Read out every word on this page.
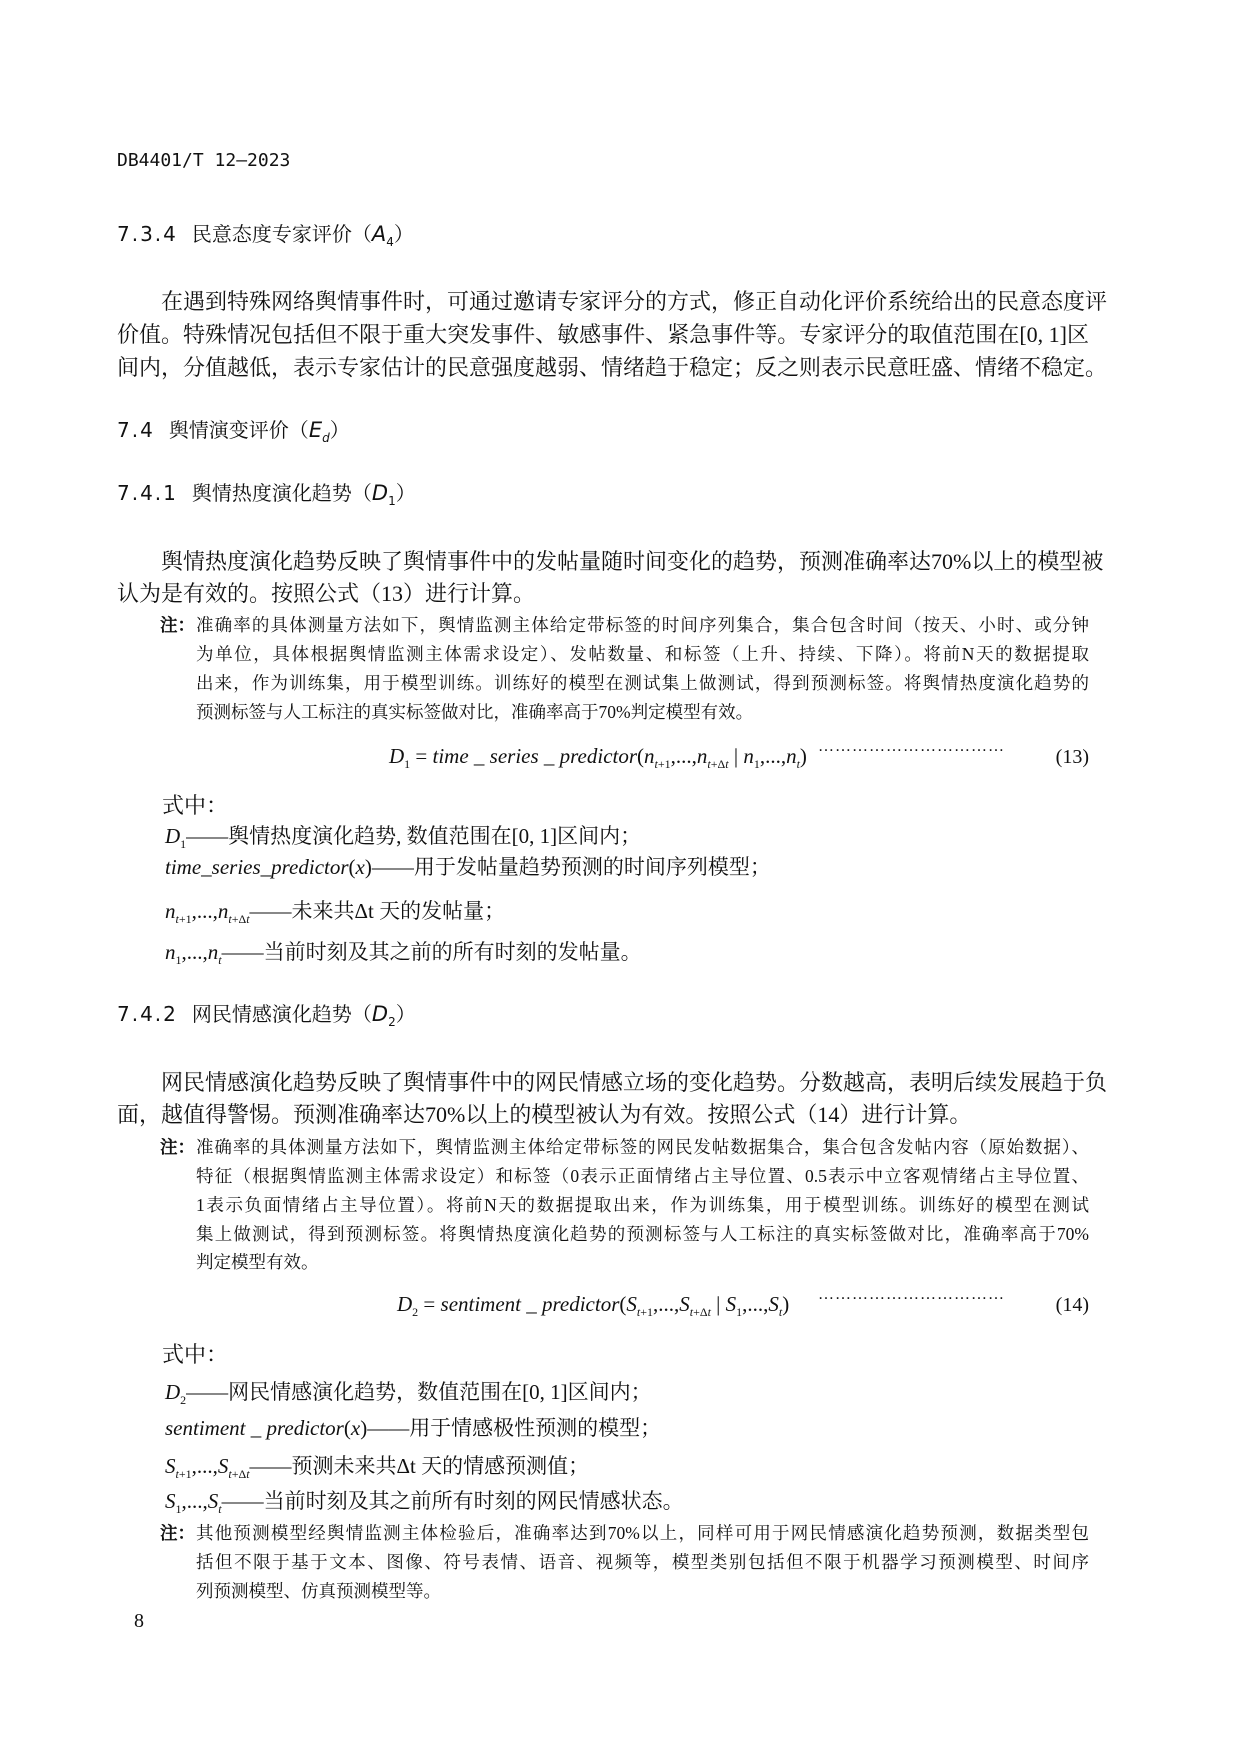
DB4401/T 12—2023
7.3.4 民意态度专家评价$(A_4)$
在遇到特殊网络舆情事件时，可通过邀请专家评分的方式，修正自动化评价系统给出的民意态度评
价值。特殊情况包括但不限于重大突发事件、敏感事件、紧急事件等。专家评分的取值范围在[0, 1]区
间内，分值越低，表示专家估计的民意强度越弱、情绪趋于稳定；反之则表示民意旺盛、情绪不稳定。
7.4 舆情演变评价$(E_d)$
7.4.1 舆情热度演化趋势$(D_1)$
舆情热度演化趋势反映了舆情事件中的发帖量随时间变化的趋势，预测准确率达70%以上的模型被
认为是有效的。按照公式（13）进行计算。
注： 准确率的具体测量方法如下，舆情监测主体给定带标签的时间序列集合，集合包含时间（按天、小时、或分钟
为单位，具体根据舆情监测主体需求设定）、发帖数量、和标签（上升、持续、下降）。将前N天的数据提取
出来，作为训练集，用于模型训练。训练好的模型在测试集上做测试，得到预测标签。将舆情热度演化趋势的
预测标签与人工标注的真实标签做对比，准确率高于70%判定模型有效。
$D_1$ = time _ series _ $predictor(n_{t+1},...,n_{t+\Delta t}$ | $n_1,...,n_t$) ……………………………	(13)
式中：
$D_1——$舆情热度演化趋势, 数值范围在[0, 1]区间内；
time_series_predictor(x)——用于发帖量趋势预测的时间序列模型；
$n_{t+1},...,n_{t+\Delta t}——$未来共Δt 天的发帖量；
$n_1,...,n_t——$当前时刻及其之前的所有时刻的发帖量。
7.4.2 网民情感演化趋势$(D_2)$
网民情感演化趋势反映了舆情事件中的网民情感立场的变化趋势。分数越高，表明后续发展趋于负
面，越值得警惕。预测准确率达70%以上的模型被认为有效。按照公式（14）进行计算。
注： 准确率的具体测量方法如下，舆情监测主体给定带标签的网民发帖数据集合，集合包含发帖内容（原始数据）、
特征（根据舆情监测主体需求设定）和标签（0表示正面情绪占主导位置、0.5表示中立客观情绪占主导位置、
1表示负面情绪占主导位置）。将前N天的数据提取出来，作为训练集，用于模型训练。训练好的模型在测试
集上做测试，得到预测标签。将舆情热度演化趋势的预测标签与人工标注的真实标签做对比，准确率高于70%
判定模型有效。
$D_2$ = sentiment _ $predictor(S_{t+1},...,S_{t+\Delta t}$ | $S_1,...,S_t$) ……………………………	(14)
式中：
$D_2——$网民情感演化趋势，数值范围在[0, 1]区间内；
sentiment _ predictor(x)——用于情感极性预测的模型；
$S_{t+1},...,S_{t+\Delta t}——$预测未来共Δt 天的情感预测值；
$S_1,...,S_t——$当前时刻及其之前所有时刻的网民情感状态。
注： 其他预测模型经舆情监测主体检验后，准确率达到70%以上，同样可用于网民情感演化趋势预测，数据类型包
括但不限于基于文本、图像、符号表情、语音、视频等，模型类别包括但不限于机器学习预测模型、时间序
列预测模型、仿真预测模型等。
8
